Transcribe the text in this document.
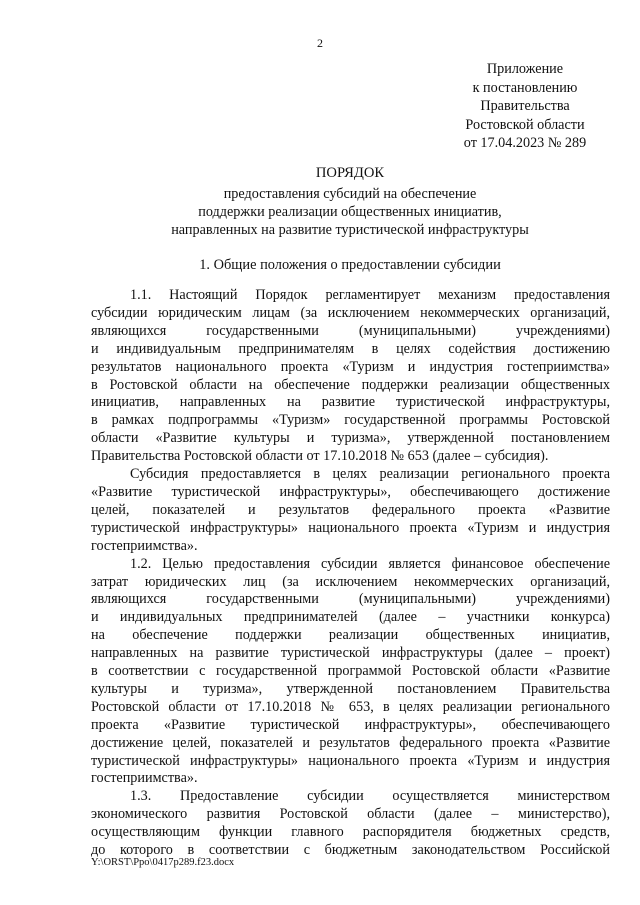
2
Приложение
к постановлению
Правительства
Ростовской области
от 17.04.2023 № 289
ПОРЯДОК
предоставления субсидий на обеспечение
поддержки реализации общественных инициатив,
направленных на развитие туристической инфраструктуры
1. Общие положения о предоставлении субсидии

1.1. Настоящий Порядок регламентирует механизм предоставления

субсидии юридическим лицам (за исключением некоммерческих организаций,

являющихся государственными (муниципальными) учреждениями)

и индивидуальным предпринимателям в целях содействия достижению

результатов национального проекта «Туризм и индустрия гостеприимства»

в Ростовской области на обеспечение поддержки реализации общественных

инициатив, направленных на развитие туристической инфраструктуры,

в рамках подпрограммы «Туризм» государственной программы Ростовской

области «Развитие культуры и туризма», утвержденной постановлением

Правительства Ростовской области от 17.10.2018 № 653 (далее – субсидия).

Субсидия предоставляется в целях реализации регионального проекта

«Развитие туристической инфраструктуры», обеспечивающего достижение

целей, показателей и результатов федерального проекта «Развитие

туристической инфраструктуры» национального проекта «Туризм и индустрия

гостеприимства».

1.2. Целью предоставления субсидии является финансовое обеспечение

затрат юридических лиц (за исключением некоммерческих организаций,

являющихся государственными (муниципальными) учреждениями)

и индивидуальных предпринимателей (далее – участники конкурса)

на обеспечение поддержки реализации общественных инициатив,

направленных на развитие туристической инфраструктуры (далее – проект)

в соответствии с государственной программой Ростовской области «Развитие

культуры и туризма», утвержденной постановлением Правительства

Ростовской области от 17.10.2018 № 653, в целях реализации регионального

проекта «Развитие туристической инфраструктуры», обеспечивающего

достижение целей, показателей и результатов федерального проекта «Развитие

туристической инфраструктуры» национального проекта «Туризм и индустрия

гостеприимства».

1.3. Предоставление субсидии осуществляется министерством

экономического развития Ростовской области (далее – министерство),

осуществляющим функции главного распорядителя бюджетных средств,

до которого в соответствии с бюджетным законодательством Российской

Y:\ORST\Ppo\0417p289.f23.docx
